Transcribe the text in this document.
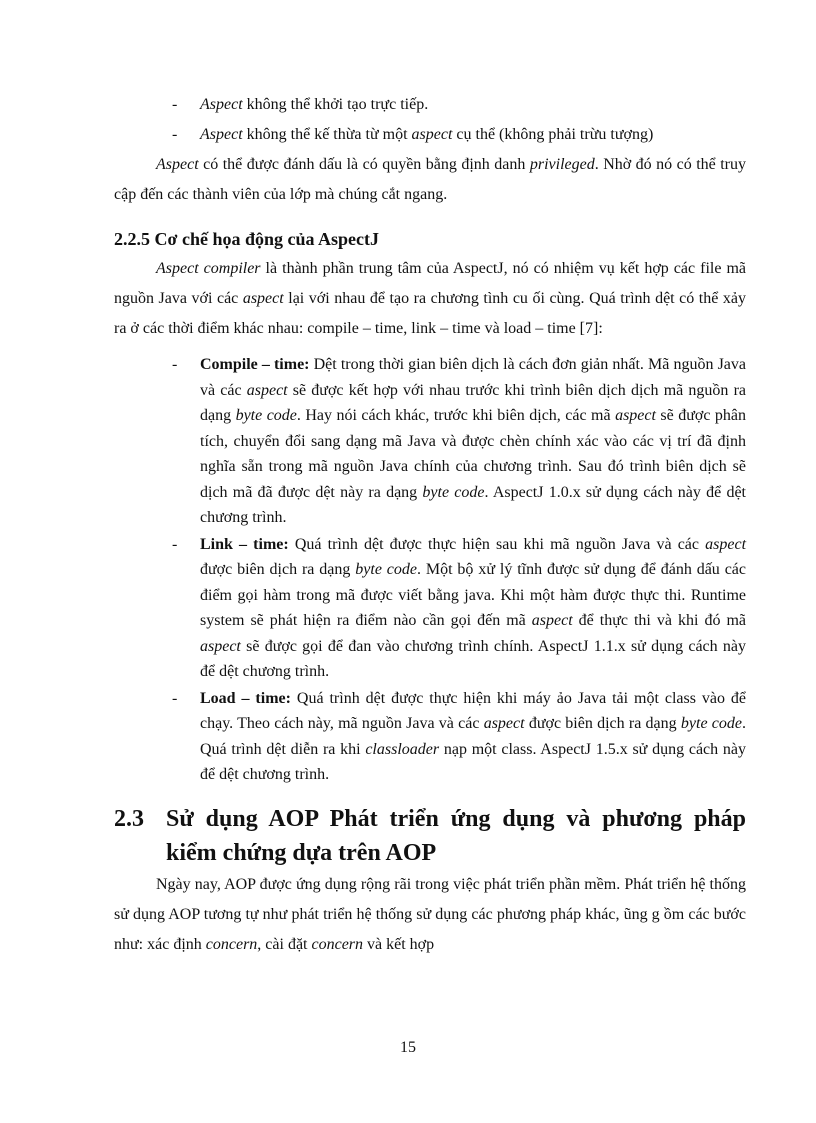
- Aspect không thể khởi tạo trực tiếp.
- Aspect không thể kế thừa từ một aspect cụ thể (không phải trừu tượng)

Aspect có thể được đánh dấu là có quyền bằng định danh privileged. Nhờ đó nó có thể truy cập đến các thành viên của lớp mà chúng cắt ngang.

2.2.5 Cơ chế họa động của AspectJ

Aspect compiler là thành phần trung tâm của AspectJ, nó có nhiệm vụ kết hợp các file mã nguồn Java với các aspect lại với nhau để tạo ra chương tình cu ối cùng. Quá trình dệt có thể xảy ra ở các thời điểm khác nhau: compile – time, link – time và load – time [7]:

- Compile – time: Dệt trong thời gian biên dịch là cách đơn giản nhất. Mã nguồn Java và các aspect sẽ được kết hợp với nhau trước khi trình biên dịch dịch mã nguồn ra dạng byte code. Hay nói cách khác, trước khi biên dịch, các mã aspect sẽ được phân tích, chuyển đổi sang dạng mã Java và được chèn chính xác vào các vị trí đã định nghĩa sẵn trong mã nguồn Java chính của chương trình. Sau đó trình biên dịch sẽ dịch mã đã được dệt này ra dạng byte code. AspectJ 1.0.x sử dụng cách này để dệt chương trình.
- Link – time: Quá trình dệt được thực hiện sau khi mã nguồn Java và các aspect được biên dịch ra dạng byte code. Một bộ xử lý tĩnh được sử dụng để đánh dấu các điểm gọi hàm trong mã được viết bằng java. Khi một hàm được thực thi. Runtime system sẽ phát hiện ra điểm nào cần gọi đến mã aspect để thực thi và khi đó mã aspect sẽ được gọi để đan vào chương trình chính. AspectJ 1.1.x sử dụng cách này để dệt chương trình.
- Load – time: Quá trình dệt được thực hiện khi máy ảo Java tải một class vào để chạy. Theo cách này, mã nguồn Java và các aspect được biên dịch ra dạng byte code. Quá trình dệt diễn ra khi classloader nạp một class. AspectJ 1.5.x sử dụng cách này để dệt chương trình.
2.3 Sử dụng AOP Phát triển ứng dụng và phương pháp kiểm chứng dựa trên AOP

Ngày nay, AOP được ứng dụng rộng rãi trong việc phát triển phần mềm. Phát triển hệ thống sử dụng AOP tương tự như phát triển hệ thống sử dụng các phương pháp khác, ũng g ồm các bước như: xác định concern, cài đặt concern và kết hợp

15
